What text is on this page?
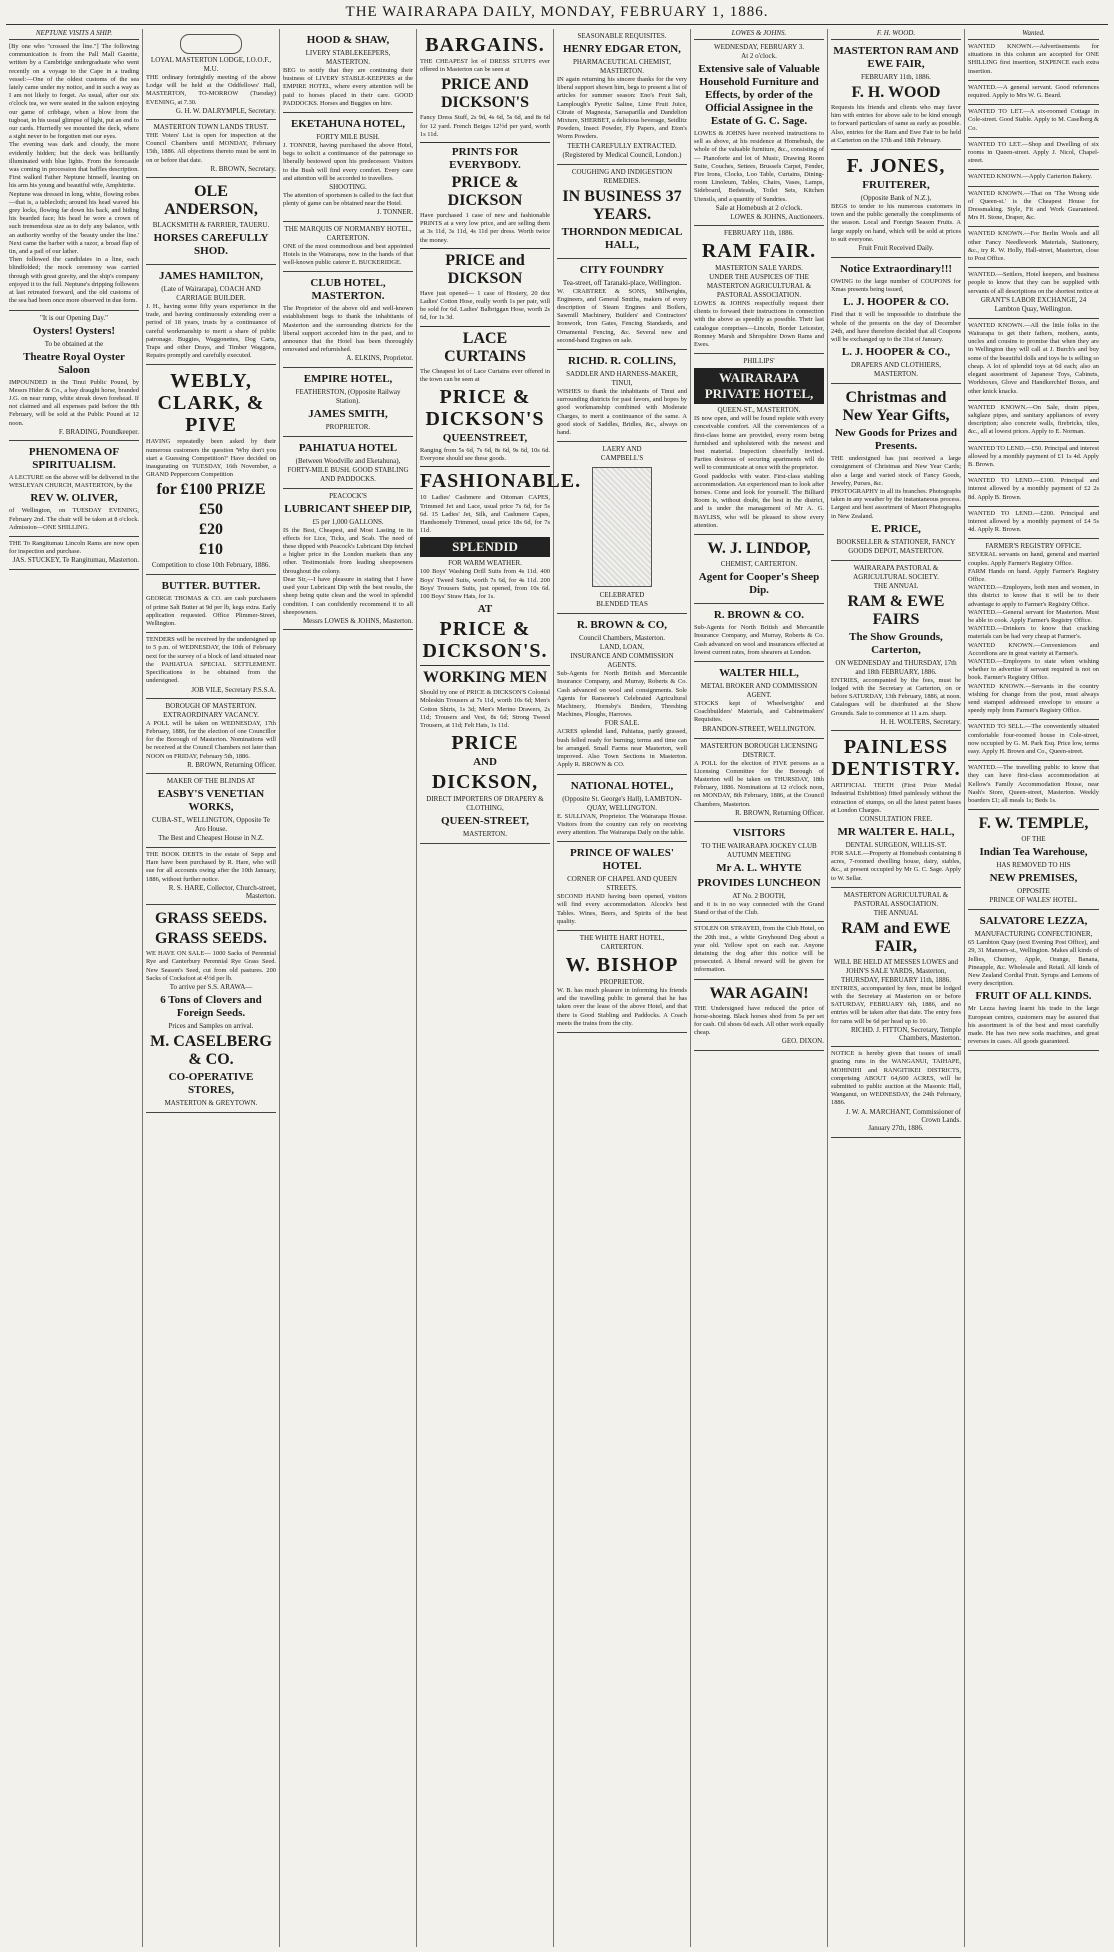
THE WAIRARAPA DAILY, MONDAY, FEBRUARY 1, 1886.
NEPTUNE VISITS A SHIP.
[By one who "crossed the line."] The following communication is from the Pall Mall Gazette, written by a Cambridge undergraduate who went recently on a voyage to the Cape in a trading vessel:—One of the oldest customs of the sea lately came under my notice, and in such a way as I am not likely to forget. As usual, after our six o'clock tea, we were seated in the saloon enjoying our game of cribbage, when a blow from the tugboat, in his usual glimpse of light, put an end to our cards. Hurriedly we mounted the deck, where a sight never to be forgotten met our eyes.
The evening was dark and cloudy, the more evidently hidden; but the deck was brilliantly illuminated with blue lights. From the forecastle was coming in procession that baffles description. First walked Father Neptune himself, leaning on his arm his young and beautiful wife, Amphitrite.
Neptune was dressed in long, white, flowing robes—that is, a tablecloth; around his head waved his grey locks, flowing far down his back, and hiding his bearded face; his head he wore a crown of such tremendous size as to defy any balance, with an authority worthy of the 'beauty under the line.' Next came the barber with a razor, a broad flap of tin, and a pail of our lather.
Then followed the candidates in a line, each blindfolded; the mock ceremony was carried through with great gravity, and the ship's company enjoyed it to the full. Neptune's dripping followers at last retreated forward, and the old customs of the sea had been once more observed in due form.
"It is our Opening Day."
Oysters! Oysters!
To be obtained at the
Theatre Royal Oyster Saloon
IMPOUNDED in the Tinui Public Pound, by Messrs Hider & Co., a bay draught horse, branded J.G. on near rump, white streak down forehead. If not claimed and all expenses paid before the 8th February, will be sold at the Public Pound at 12 noon.
F. BRADING, Poundkeeper.
PHENOMENA OF SPIRITUALISM.
A LECTURE on the above will be delivered in the WESLEYAN CHURCH, MASTERTON, by the
REV W. OLIVER,
of Wellington, on TUESDAY EVENING, February 2nd. The chair will be taken at 8 o'clock. Admission—ONE SHILLING.
THE To Rangitumau Lincoln Rams are now open for inspection and purchase.
JAS. STUCKEY, Te Rangitumau, Masterton.
LOYAL MASTERTON LODGE, I.O.O.F., M.U.
THE ordinary fortnightly meeting of the above Lodge will be held at the Oddfellows' Hall, MASTERTON, TO-MORROW (Tuesday) EVENING, at 7.30.
G. H. W. DALRYMPLE, Secretary.
MASTERTON TOWN LANDS TRUST.
THE Voters' List is open for inspection at the Council Chambers until MONDAY, February 15th, 1886. All objections thereto must be sent in on or before that date.
R. BROWN, Secretary.
OLE ANDERSON,
BLACKSMITH & FARRIER, TAUERU.
HORSES CAREFULLY SHOD.
JAMES HAMILTON,
(Late of Wairarapa), COACH AND CARRIAGE BUILDER.
J. H., having some fifty years experience in the trade, and having continuously extending over a period of 18 years, trusts by a continuance of careful workmanship to merit a share of public patronage. Buggies, Waggonettes, Dog Carts, Traps and other Drays, and Timber Waggons, Repairs promptly and carefully executed.
WEBLY, CLARK, & PIVE
HAVING repeatedly been asked by their numerous customers the question 'Why don't you start a Guessing Competition?' Have decided on inaugurating on TUESDAY, 16th November, a GRAND Peppercorn Competition
for £100 PRIZE
£50
£20
£10
Competition to close 10th February, 1886.
BUTTER. BUTTER.
GEORGE THOMAS & CO. are cash purchasers of prime Salt Butter at 9d per lb, kegs extra. Early application requested. Office Plimmer-Street, Wellington.
TENDERS will be received by the undersigned up to 5 p.m. of WEDNESDAY, the 10th of February next for the survey of a block of land situated near the PAHIATUA SPECIAL SETTLEMENT. Specifications to be obtained from the undersigned.
JOB VILE, Secretary P.S.S.A.
BOROUGH OF MASTERTON.
EXTRAORDINARY VACANCY.
A POLL will be taken on WEDNESDAY, 17th February, 1886, for the election of one Councillor for the Borough of Masterton. Nominations will be received at the Council Chambers not later than NOON on FRIDAY, February 5th, 1886.
R. BROWN, Returning Officer.
MAKER OF THE BLINDS AT
EASBY'S VENETIAN WORKS,
CUBA-ST., WELLINGTON, Opposite Te Aro House.
The Best and Cheapest House in N.Z.
THE BOOK DEBTS in the estate of Sepp and Hare have been purchased by R. Hare, who will sue for all accounts owing after the 10th January, 1886, without further notice.
R. S. HARE, Collector, Church-street, Masterton.
GRASS SEEDS.
GRASS SEEDS.
WE HAVE ON SALE— 1000 Sacks of Perennial Rye and Canterbury Perennial Rye Grass Seed. New Season's Seed, cut from old pastures. 200 Sacks of Cocksfoot at 4½d per lb.
To arrive per S.S. ARAWA—
6 Tons of Clovers and Foreign Seeds.
Prices and Samples on arrival.
M. CASELBERG & CO.
CO-OPERATIVE STORES,
MASTERTON & GREYTOWN.
HOOD & SHAW,
LIVERY STABLEKEEPERS, MASTERTON.
BEG to notify that they are continuing their business of LIVERY STABLE-KEEPERS at the EMPIRE HOTEL, where every attention will be paid to horses placed in their care. GOOD PADDOCKS. Horses and Buggies on hire.
EKETAHUNA HOTEL,
FORTY MILE BUSH.
J. TONNER, having purchased the above Hotel, begs to solicit a continuance of the patronage so liberally bestowed upon his predecessor. Visitors to the Bush will find every comfort. Every care and attention will be accorded to travellers.
SHOOTING.
The attention of sportsmen is called to the fact that plenty of game can be obtained near the Hotel.
J. TONNER.
THE MARQUIS OF NORMANBY HOTEL, CARTERTON.
ONE of the most commodious and best appointed Hotels in the Wairarapa, now in the hands of that well-known public caterer E. BUCKERIDGE.
CLUB HOTEL, MASTERTON.
The Proprietor of the above old and well-known establishment begs to thank the inhabitants of Masterton and the surrounding districts for the liberal support accorded him in the past, and to announce that the Hotel has been thoroughly renovated and refurnished.
A. ELKINS, Proprietor.
EMPIRE HOTEL,
FEATHERSTON, (Opposite Railway Station).
JAMES SMITH,
PROPRIETOR.
PAHIATUA HOTEL
(Between Woodville and Eketahuna), FORTY-MILE BUSH. GOOD STABLING AND PADDOCKS.
PEACOCK'S
LUBRICANT SHEEP DIP,
£5 per 1,000 GALLONS.
IS the Best, Cheapest, and Most Lasting in its effects for Lice, Ticks, and Scab. The need of these dipped with Peacock's Lubricant Dip fetched a higher price in the London markets than any other. Testimonials from leading sheepowners throughout the colony.
Dear Sir,—I have pleasure in stating that I have used your Lubricant Dip with the best results, the sheep being quite clean and the wool in splendid condition. I can confidently recommend it to all sheepowners.
Messrs LOWES & JOHNS, Masterton.
BARGAINS.
THE CHEAPEST lot of DRESS STUFFS ever offered in Masterton can be seen at
PRICE AND DICKSON'S
Fancy Dress Stuff, 2s 9d, 4s 6d, 5s 6d, and 8s 6d for 12 yard. French Beiges 12½d per yard, worth 1s 11d.
PRINTS FOR EVERYBODY.
PRICE & DICKSON
Have purchased 1 case of new and fashionable PRINTS at a very low price, and are selling them at 3s 11d, 3s 11d, 4s 11d per dress. Worth twice the money.
PRICE and DICKSON
Have just opened— 1 case of Hosiery, 20 doz Ladies' Cotton Hose, really worth 1s per pair, will be sold for 6d. Ladies' Balbriggan Hose, worth 2s 6d, for 1s 3d.
LACE CURTAINS
The Cheapest lot of Lace Curtains ever offered in the town can be seen at
PRICE & DICKSON'S
QUEENSTREET,
Ranging from 5s 6d, 7s 6d, 8s 6d, 9s 6d, 10s 6d. Everyone should see these goods.
FASHIONABLE.
10 Ladies' Cashmere and Ottoman CAPES, Trimmed Jet and Lace, usual price 7s 6d, for 5s 6d. 15 Ladies' Jet, Silk, and Cashmere Capes, Handsomely Trimmed, usual price 18s 6d, for 7s 11d.
SPLENDID
FOR WARM WEATHER.
100 Boys' Washing Drill Suits from 4s 11d. 400 Boys' Tweed Suits, worth 7s 6d, for 4s 11d. 200 Boys' Trousers Suits, just opened, from 10s 6d. 100 Boys' Straw Hats, for 1s.
AT
PRICE & DICKSON'S.
WORKING MEN
Should try one of PRICE & DICKSON'S Colonial Moleskin Trousers at 7s 11d, worth 10s 6d; Men's Cotton Shirts, 1s 3d; Men's Merino Drawers, 2s 11d; Trousers and Vest, 8s 6d; Strong Tweed Trousers, at 11d; Felt Hats, 1s 11d.
PRICE
AND
DICKSON,
DIRECT IMPORTERS OF DRAPERY & CLOTHING,
QUEEN-STREET,
MASTERTON.
SEASONABLE REQUISITES.
HENRY EDGAR ETON,
PHARMACEUTICAL CHEMIST, MASTERTON.
IN again returning his sincere thanks for the very liberal support shown him, begs to present a list of articles for summer season: Eno's Fruit Salt, Lamplough's Pyretic Saline, Lime Fruit Juice, Citrate of Magnesia, Sarsaparilla and Dandelion Mixture, SHERBET, a delicious beverage, Seidlitz Powders, Insect Powder, Fly Papers, and Eton's Worm Powders.
TEETH CAREFULLY EXTRACTED.
(Registered by Medical Council, London.)
COUGHING AND INDIGESTION REMEDIES.
IN BUSINESS 37 YEARS.
THORNDON MEDICAL HALL,
CITY FOUNDRY
Tea-street, off Taranaki-place, Wellington.
W. CRABTREE & SONS, Millwrights, Engineers, and General Smiths, makers of every description of Steam Engines and Boilers, Sawmill Machinery, Builders' and Contractors' Ironwork, Iron Gates, Fencing Standards, and Ornamental Fencing, &c. Several new and second-hand Engines on sale.
RICHD. R. COLLINS,
SADDLER AND HARNESS-MAKER,
TINUI,
WISHES to thank the inhabitants of Tinui and surrounding districts for past favors, and hopes by good workmanship combined with Moderate Charges, to merit a continuance of the same. A good stock of Saddles, Bridles, &c., always on hand.
LAERY AND
CAMPBELL'S
CELEBRATED
BLENDED TEAS
R. BROWN & CO,
Council Chambers, Masterton.
LAND, LOAN,
INSURANCE AND COMMISSION AGENTS.
Sub-Agents for North British and Mercantile Insurance Company, and Murray, Roberts & Co. Cash advanced on wool and consignments. Sole Agents for Ransome's Celebrated Agricultural Machinery, Hornsby's Binders, Threshing Machines, Ploughs, Harrows.
FOR SALE.
ACRES splendid land, Pahiatua, partly grassed, bush felled ready for burning; terms and time can be arranged. Small Farms near Masterton, well improved. Also Town Sections in Masterton. Apply R. BROWN & CO.
NATIONAL HOTEL,
(Opposite St. George's Hall), LAMBTON-QUAY, WELLINGTON.
E. SULLIVAN, Proprietor. The Wairarapa House. Visitors from the country can rely on receiving every attention. The Wairarapa Daily on the table.
PRINCE OF WALES' HOTEL
CORNER OF CHAPEL AND QUEEN STREETS.
SECOND HAND having been opened, visitors will find every accommodation. Alcock's best Tables. Wines, Beers, and Spirits of the best quality.
THE WHITE HART HOTEL,
CARTERTON.
W. BISHOP
PROPRIETOR.
W. B. has much pleasure in informing his friends and the travelling public in general that he has taken over the lease of the above Hotel, and that there is Good Stabling and Paddocks. A Coach meets the trains from the city.
LOWES & JOHNS.
WEDNESDAY, FEBRUARY 3.
At 2 o'clock.
Extensive sale of Valuable Household Furniture and Effects, by order of the Official Assignee in the Estate of G. C. Sage.
LOWES & JOHNS have received instructions to sell as above, at his residence at Homebush, the whole of the valuable furniture, &c., consisting of— Pianoforte and lot of Music, Drawing Room Suite, Couches, Settees, Brussels Carpet, Fender, Fire Irons, Clocks, Loo Table, Curtains, Dining-room Linoleum, Tables, Chairs, Vases, Lamps, Sideboard, Bedsteads, Toilet Sets, Kitchen Utensils, and a quantity of Sundries.
Sale at Homebush at 2 o'clock.
LOWES & JOHNS, Auctioneers.
FEBRUARY 11th, 1886.
RAM FAIR.
MASTERTON SALE YARDS.
UNDER THE AUSPICES OF THE MASTERTON AGRICULTURAL & PASTORAL ASSOCIATION.
LOWES & JOHNS respectfully request their clients to forward their instructions in connection with the above as speedily as possible. Their last catalogue comprises—Lincoln, Border Leicester, Romney Marsh and Shropshire Down Rams and Ewes.
PHILLIPS'
WAIRARAPA PRIVATE HOTEL,
QUEEN-ST., MASTERTON.
IS now open, and will be found replete with every conceivable comfort. All the conveniences of a first-class home are provided, every room being furnished and upholstered with the newest and best material. Inspection cheerfully invited. Parties desirous of securing apartments will do well to communicate at once with the proprietor.
Good paddocks with water. First-class stabling accommodation. An experienced man to look after horses. Come and look for yourself. The Billiard Room is, without doubt, the best in the district, and is under the management of Mr A. G. BAYLISS, who will be pleased to show every attention.
W. J. LINDOP,
CHEMIST, CARTERTON.
Agent for Cooper's Sheep Dip.
R. BROWN & CO.
Sub-Agents for North British and Mercantile Insurance Company, and Murray, Roberts & Co. Cash advanced on wool and insurances effected at lowest current rates, from shearers at London.
WALTER HILL,
METAL BROKER AND COMMISSION AGENT.
STOCKS kept of Wheelwrights' and Coachbuilders' Materials, and Cabinetmakers' Requisites.
BRANDON-STREET, WELLINGTON.
MASTERTON BOROUGH LICENSING DISTRICT.
A POLL for the election of FIVE persons as a Licensing Committee for the Borough of Masterton will be taken on THURSDAY, 18th February, 1886. Nominations at 12 o'clock noon, on MONDAY, 8th February, 1886, at the Council Chambers, Masterton.
R. BROWN, Returning Officer.
VISITORS
TO THE WAIRARAPA JOCKEY CLUB AUTUMN MEETING
Mr A. L. WHYTE
PROVIDES LUNCHEON
AT No. 2 BOOTH,
and it is in no way connected with the Grand Stand or that of the Club.
STOLEN OR STRAYED, from the Club Hotel, on the 20th inst., a white Greyhound Dog about a year old. Yellow spot on each ear. Anyone detaining the dog after this notice will be prosecuted. A liberal reward will be given for information.
WAR AGAIN!
THE Undersigned have reduced the price of horse-shoeing. Black horses shod from 5s per set for cash. Oil shoes 6d each. All other work equally cheap.
GEO. DIXON.
F. H. WOOD.
MASTERTON RAM AND EWE FAIR,
FEBRUARY 11th, 1886.
F. H. WOOD
Requests his friends and clients who may favor him with entries for above sale to be kind enough to forward particulars of same as early as possible. Also, entries for the Ram and Ewe Fair to be held at Carterton on the 17th and 18th February.
F. JONES,
FRUITERER,
(Opposite Bank of N.Z.),
BEGS to tender to his numerous customers in town and the public generally the compliments of the season. Local and Foreign Season Fruits. A large supply on hand, which will be sold at prices to suit everyone.
Fruit Fruit Received Daily.
Notice Extraordinary!!!
OWING to the large number of COUPONS for Xmas presents being issued,
L. J. HOOPER & CO.
Find that it will be impossible to distribute the whole of the presents on the day of December 24th, and have therefore decided that all Coupons will be exchanged up to the 31st of January.
L. J. HOOPER & CO.,
DRAPERS AND CLOTHIERS, MASTERTON.
Christmas and New Year Gifts,
New Goods for Prizes and Presents.
THE undersigned has just received a large consignment of Christmas and New Year Cards; also a large and varied stock of Fancy Goods, Jewelry, Purses, &c.
PHOTOGRAPHY in all its branches. Photographs taken in any weather by the instantaneous process. Largest and best assortment of Maori Photographs in New Zealand.
E. PRICE,
BOOKSELLER & STATIONER, FANCY GOODS DEPOT, MASTERTON.
WAIRARAPA PASTORAL & AGRICULTURAL SOCIETY.
THE ANNUAL
RAM & EWE FAIRS
The Show Grounds, Carterton,
ON WEDNESDAY and THURSDAY, 17th and 18th FEBRUARY, 1886.
ENTRIES, accompanied by the fees, must be lodged with the Secretary at Carterton, on or before SATURDAY, 13th February, 1886, at noon. Catalogues will be distributed at the Show Grounds. Sale to commence at 11 a.m. sharp.
H. H. WOLTERS, Secretary.
PAINLESS DENTISTRY.
ARTIFICIAL TEETH (First Prize Medal Industrial Exhibition) fitted painlessly without the extraction of stumps, on all the latest patent bases at London Charges.
CONSULTATION FREE.
MR WALTER E. HALL,
DENTAL SURGEON, WILLIS-ST.
FOR SALE.—Property at Homebush containing 8 acres, 7-roomed dwelling house, dairy, stables, &c., at present occupied by Mr G. C. Sage. Apply to W. Sellar.
MASTERTON AGRICULTURAL & PASTORAL ASSOCIATION.
THE ANNUAL
RAM and EWE FAIR,
WILL BE HELD AT MESSES LOWES and JOHN'S SALE YARDS, Masterton,
THURSDAY, FEBRUARY 11th, 1886.
ENTRIES, accompanied by fees, must be lodged with the Secretary at Masterton on or before SATURDAY, FEBRUARY 6th, 1886, and no entries will be taken after that date. The entry fees for rams will be 6d per head up to 10.
RICHD. J. FITTON, Secretary, Temple Chambers, Masterton.
NOTICE is hereby given that issues of small grazing runs in the WANGANUI, TAIHAPE, MOHINIHI and RANGITIKEI DISTRICTS, comprising ABOUT 64,600 ACRES, will be submitted to public auction at the Masonic Hall, Wanganui, on WEDNESDAY, the 24th February, 1886.
J. W. A. MARCHANT, Commissioner of Crown Lands.
January 27th, 1886.
Wanted.
WANTED KNOWN.—Advertisements for situations in this column are accepted for ONE SHILLING first insertion, SIXPENCE each extra insertion.
WANTED.—A general servant. Good references required. Apply to Mrs W. G. Beard.
WANTED TO LET.—A six-roomed Cottage in Cole-street. Good Stable. Apply to M. Caselberg & Co.
WANTED TO LET.—Shop and Dwelling of six rooms in Queen-street. Apply J. Nicol, Chapel-street.
WANTED KNOWN.—Apply Carterton Bakery.
WANTED KNOWN.—That on 'The Wrong side of Queen-st.' is the Cheapest House for Dressmaking. Style, Fit and Work Guaranteed. Mrs H. Stone, Draper, &c.
WANTED KNOWN.—For Berlin Wools and all other Fancy Needlework Materials, Stationery, &c., try R. W. Holly, Hall-street, Masterton, close to Post Office.
WANTED.—Settlers, Hotel keepers, and business people to know that they can be supplied with servants of all descriptions on the shortest notice at
GRANT'S LABOR EXCHANGE, 24
Lambton Quay, Wellington.
WANTED KNOWN.—All the little folks in the Wairarapa to get their fathers, mothers, aunts, uncles and cousins to promise that when they are in Wellington they will call at J. Burch's and buy some of the beautiful dolls and toys he is selling so cheap. A lot of splendid toys at 6d each; also an elegant assortment of Japanese Toys, Cabinets, Workboxes, Glove and Handkerchief Boxes, and other knick knacks.
WANTED KNOWN.—On Sale, drain pipes, saltglaze pipes, and sanitary appliances of every description; also concrete walls, firebricks, tiles, &c., all at lowest prices. Apply to E. Norman.
WANTED TO LEND.—£50. Principal and interest allowed by a monthly payment of £1 1s 4d. Apply B. Brown.
WANTED TO LEND.—£100. Principal and interest allowed by a monthly payment of £2 2s 8d. Apply B. Brown.
WANTED TO LEND.—£200. Principal and interest allowed by a monthly payment of £4 5s 4d. Apply R. Brown.
FARMER'S REGISTRY OFFICE.
SEVERAL servants on hand, general and married couples. Apply Farmer's Registry Office.
FARM Hands on hand. Apply Farmer's Registry Office.
WANTED.—Employers, both men and women, in this district to know that it will be to their advantage to apply to Farmer's Registry Office.
WANTED.—General servant for Masterton. Must be able to cook. Apply Farmer's Registry Office.
WANTED.—Drinkers to know that cracking materials can be had very cheap at Farmer's.
WANTED KNOWN.—Conveniences and Accordions are in great variety at Farmer's.
WANTED.—Employers to state when wishing whether to advertise if servant required is not on book. Farmer's Registry Office.
WANTED KNOWN.—Servants in the country wishing for change from the post, must always send stamped addressed envelope to ensure a speedy reply from Farmer's Registry Office.
WANTED TO SELL.—The conveniently situated comfortable four-roomed house in Cole-street, now occupied by G. M. Park Esq. Price low, terms easy. Apply H. Brown and Co., Queen-street.
WANTED.—The travelling public to know that they can have first-class accommodation at Kellow's Family Accommodation House, near Nash's Store, Queen-street, Masterton. Weekly boarders £1; all meals 1s; Beds 1s.
F. W. TEMPLE,
OF THE
Indian Tea Warehouse,
HAS REMOVED TO HIS
NEW PREMISES,
OPPOSITE
PRINCE OF WALES' HOTEL.
SALVATORE LEZZA,
MANUFACTURING CONFECTIONER,
65 Lambton Quay (next Evening Post Office), and 29, 31 Manners-st., Wellington. Makes all kinds of Jellies, Chutney, Apple, Orange, Banana, Pineapple, &c. Wholesale and Retail. All kinds of New Zealand Cordial Fruit. Syrups and Lemons of every description.
FRUIT OF ALL KINDS.
Mr Lezza having learnt his trade in the large European centres, customers may be assured that his assortment is of the best and most carefully made. He has two new soda machines, and great reverses in cases. All goods guaranteed.
